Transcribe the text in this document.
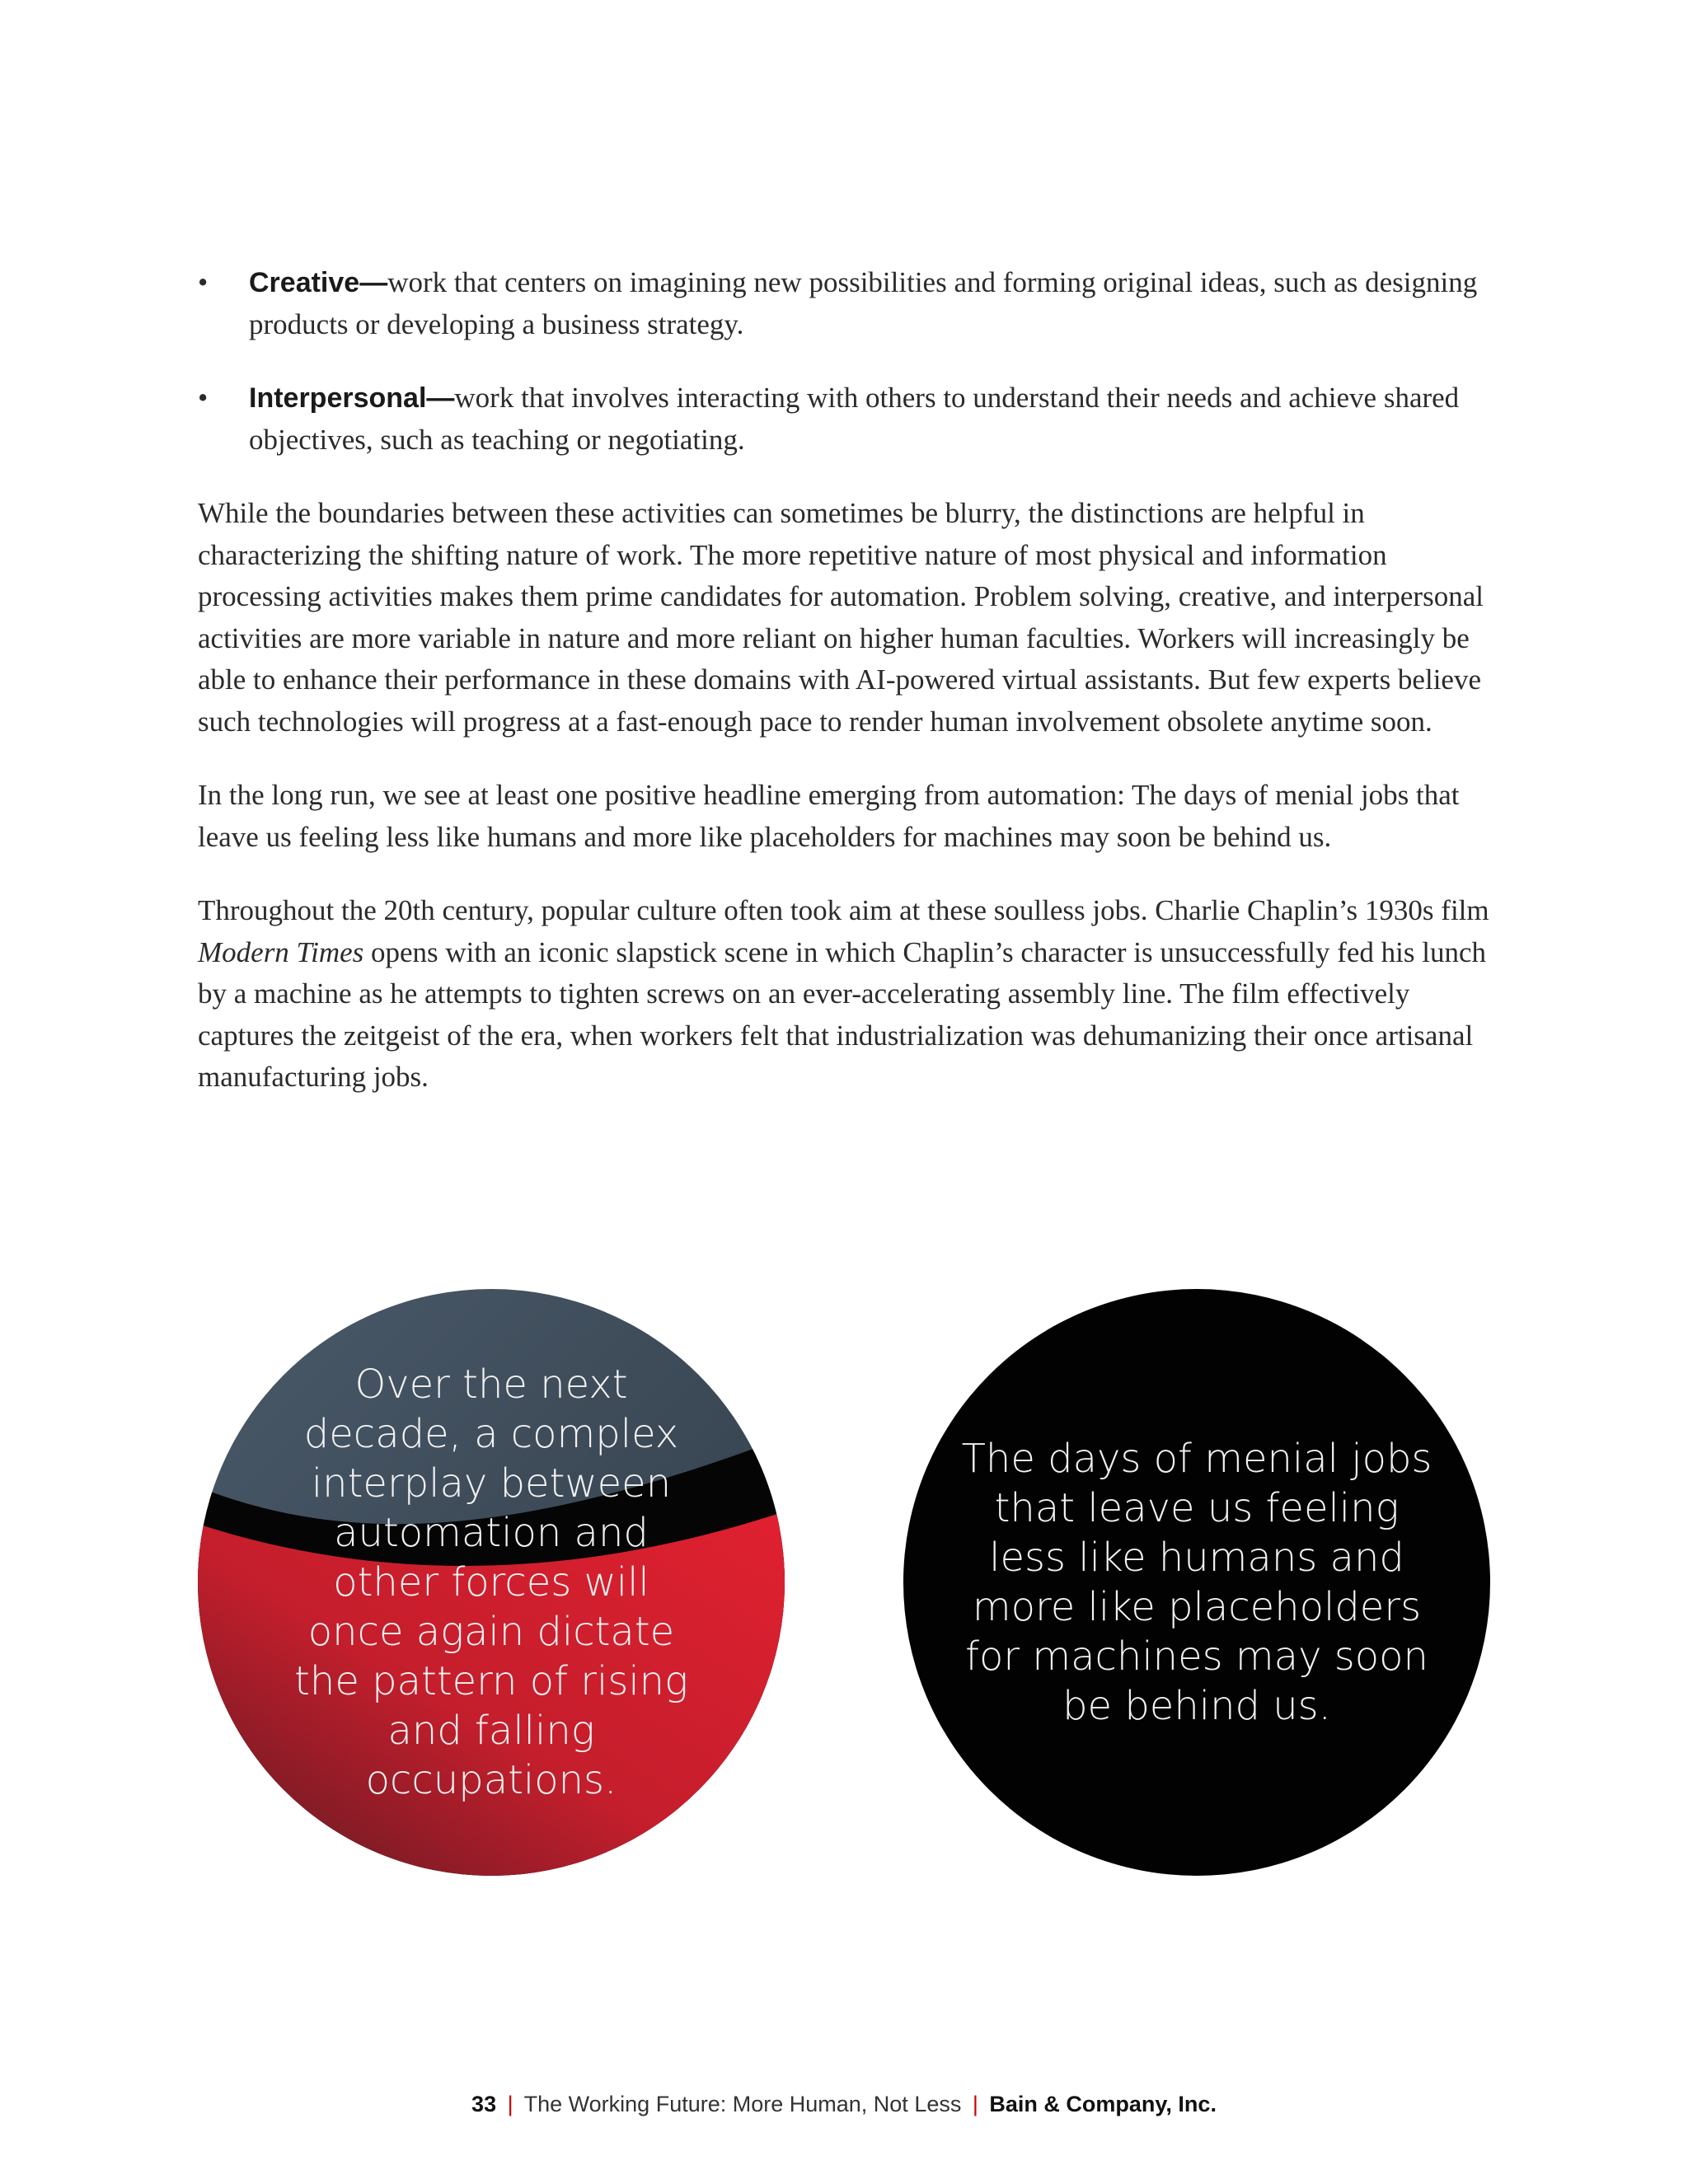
• Creative—work that centers on imagining new possibilities and forming original ideas, such as designing products or developing a business strategy.
• Interpersonal—work that involves interacting with others to understand their needs and achieve shared objectives, such as teaching or negotiating.

While the boundaries between these activities can sometimes be blurry, the distinctions are helpful in characterizing the shifting nature of work. The more repetitive nature of most physical and information processing activities makes them prime candidates for automation. Problem solving, creative, and interpersonal activities are more variable in nature and more reliant on higher human faculties. Workers will increasingly be able to enhance their performance in these domains with AI-powered virtual assistants. But few experts believe such technologies will progress at a fast-enough pace to render human involvement obsolete anytime soon.

In the long run, we see at least one positive headline emerging from automation: The days of menial jobs that leave us feeling less like humans and more like placeholders for machines may soon be behind us.

Throughout the 20th century, popular culture often took aim at these soulless jobs. Charlie Chaplin’s 1930s film Modern Times opens with an iconic slapstick scene in which Chaplin’s character is unsuccessfully fed his lunch by a machine as he attempts to tighten screws on an ever-accelerating assembly line. The film effectively captures the zeitgeist of the era, when workers felt that industrialization was dehumanizing their once artisanal manufacturing jobs.

Over the next decade, a complex interplay between automation and other forces will once again dictate the pattern of rising and falling occupations.
The days of menial jobs that leave us feeling less like humans and more like placeholders for machines may soon be behind us.
33 | The Working Future: More Human, Not Less | Bain & Company, Inc.
